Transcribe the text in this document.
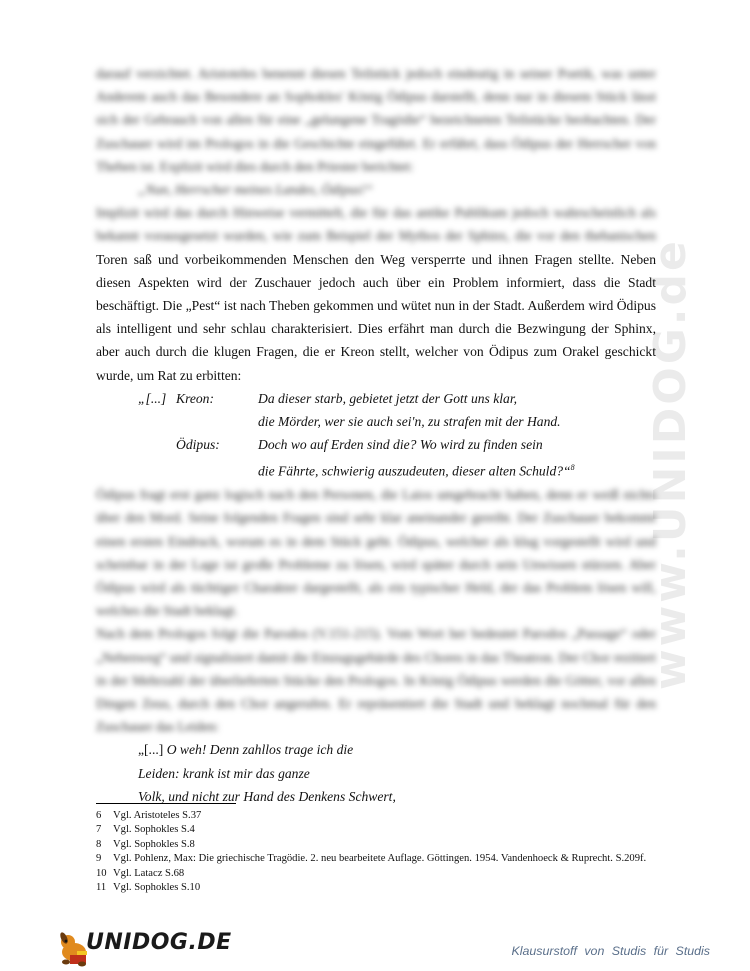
www.UNIDOG.de

darauf verzichtet. Aristoteles benennt diesen Teilstück jedoch eindeutig in seiner Poetik, was unter Anderem auch das Besondere an Sophokles' König Ödipus darstellt, denn nur in diesem Stück lässt sich der Gebrauch von allen für eine „gelungene Tragödie“ bezeichneten Teilstücke beobachten. Der Zuschauer wird im Prologos in die Geschichte eingeführt. Er erfährt, dass Ödipus der Herrscher von Theben ist. Explizit wird dies durch den Priester berichtet:

„Nun, Herrscher meines Landes, Ödipus!“

Implizit wird das durch Hinweise vermittelt, die für das antike Publikum jedoch wahrscheinlich als bekannt vorausgesetzt wurden, wie zum Beispiel der Mythos der Sphinx, die vor den thebanischen Toren saß und vorbeikommenden Menschen den Weg versperrte und ihnen Fragen stellte. Neben diesen Aspekten wird der Zuschauer jedoch auch über ein Problem informiert, dass die Stadt beschäftigt. Die „Pest“ ist nach Theben gekommen und wütet nun in der Stadt. Außerdem wird Ödipus als intelligent und sehr schlau charakterisiert. Dies erfährt man durch die Bezwingung der Sphinx, aber auch durch die klugen Fragen, die er Kreon stellt, welcher von Ödipus zum Orakel geschickt wurde, um Rat zu erbitten:

„[...] Kreon:	Da dieser starb, gebietet jetzt der Gott uns klar,
die Mörder, wer sie auch sei'n, zu strafen mit der Hand.
Ödipus:	Doch wo auf Erden sind die? Wo wird zu finden sein
die Fährte, schwierig auszudeuten, dieser alten Schuld?“$^8$

Ödipus fragt erst ganz logisch nach den Personen, die Laios umgebracht haben, denn er weiß nichts über den Mord. Seine folgenden Fragen sind sehr klar aneinander gereiht. Der Zuschauer bekommt einen ersten Eindruck, worum es in dem Stück geht. Ödipus, welcher als klug vorgestellt wird und scheinbar in der Lage ist große Probleme zu lösen, wird später durch sein Unwissen stürzen. Aber Ödipus wird als tüchtiger Charakter dargestellt, als ein typischer Held, der das Problem lösen will, welches die Stadt beklagt.

Nach dem Prologos folgt die Parodos (V.151-215). Vom Wort her bedeutet Parodos „Passage“ oder „Nebenweg“ und signalisiert damit die Einzugsgebärde des Chores in das Theatron. Der Chor rezitiert in der Mehrzahl der überlieferten Stücke den Prologos. In König Ödipus werden die Götter, vor allen Dingen Zeus, durch den Chor angerufen. Er repräsentiert die Stadt und beklagt nochmal für den Zuschauer das Leiden:

„[...] O weh! Denn zahllos trage ich die
Leiden: krank ist mir das ganze
Volk, und nicht zur Hand des Denkens Schwert,
6	Vgl. Aristoteles S.37
7	Vgl. Sophokles S.4
8	Vgl. Sophokles S.8
9	Vgl. Pohlenz, Max: Die griechische Tragödie. 2. neu bearbeitete Auflage. Göttingen. 1954. Vandenhoeck & Ruprecht. S.209f.
10 Vgl. Latacz S.68
11 Vgl. Sophokles S.10
UNIDOG.DE	Klausurstoff von Studis für Studis
